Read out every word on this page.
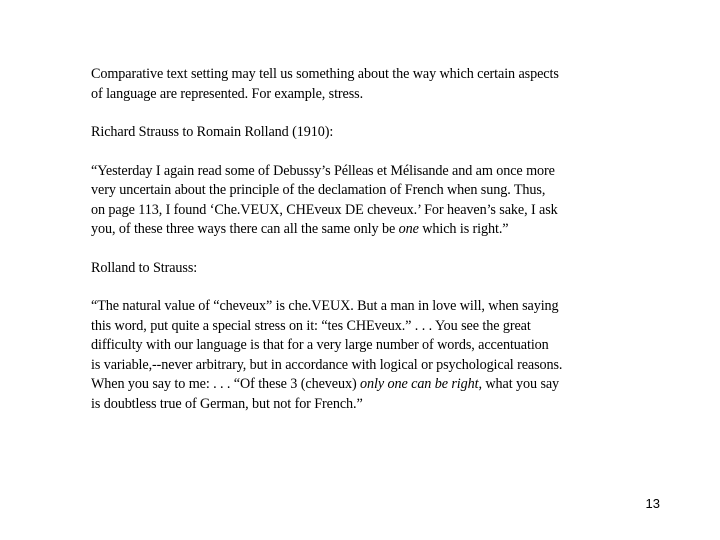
Comparative text setting may tell us something about the way which certain aspects
of language are represented. For example, stress.

Richard Strauss to Romain Rolland (1910):

“Yesterday I again read some of Debussy’s Pélleas et Mélisande and am once more
very uncertain about the principle of the declamation of French when sung. Thus,
on page 113, I found ‘Che.VEUX, CHEveux DE cheveux.’ For heaven’s sake, I ask
you, of these three ways there can all the same only be one which is right.”

Rolland to Strauss:

“The natural value of “cheveux” is che.VEUX. But a man in love will, when saying
this word, put quite a special stress on it: “tes CHEveux.” . . . You see the great
difficulty with our language is that for a very large number of words, accentuation
is variable,--never arbitrary, but in accordance with logical or psychological reasons.
When you say to me: . . . “Of these 3 (cheveux) only one can be right, what you say
is doubtless true of German, but not for French.”

13
